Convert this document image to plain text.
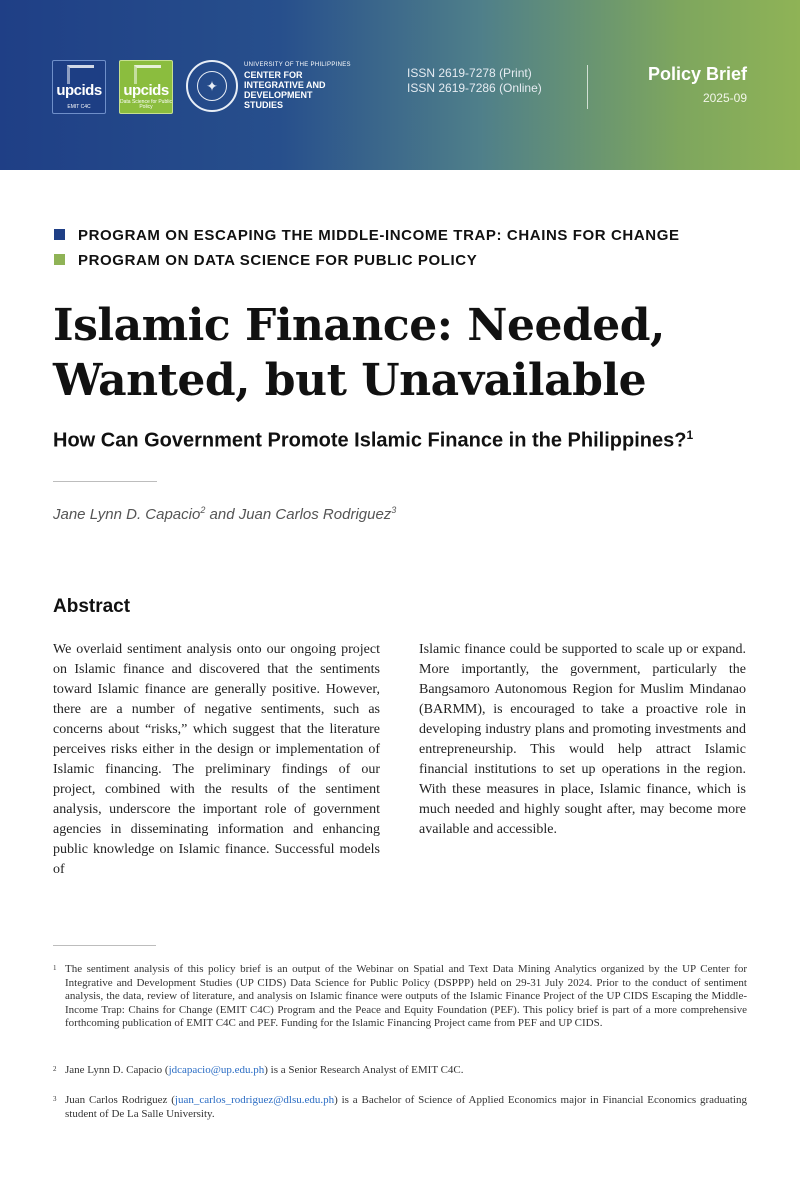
upcids
EMIT C4C
upcids
Data Science for Public Policy
✦
UNIVERSITY OF THE PHILIPPINES
CENTER FOR
INTEGRATIVE AND
DEVELOPMENT
STUDIES
ISSN 2619-7278 (Print)
ISSN 2619-7286 (Online)
Policy Brief
2025-09
PROGRAM ON ESCAPING THE MIDDLE-INCOME TRAP: CHAINS FOR CHANGE
PROGRAM ON DATA SCIENCE FOR PUBLIC POLICY
Islamic Finance: Needed,
Wanted, but Unavailable
How Can Government Promote Islamic Finance in the Philippines?$^1$
Jane Lynn D. Capacio$^2$ and Juan Carlos Rodriguez$^3$
Abstract

We overlaid sentiment analysis onto our ongoing project on Islamic finance and discovered that the sentiments toward Islamic finance are generally positive. However, there are a number of negative sentiments, such as concerns about “risks,” which suggest that the literature perceives risks either in the design or implementation of Islamic financing. The preliminary findings of our project, combined with the results of the sentiment analysis, underscore the important role of government agencies in disseminating information and enhancing public knowledge on Islamic finance. Successful models of

Islamic finance could be supported to scale up or expand. More importantly, the government, particularly the Bangsamoro Autonomous Region for Muslim Mindanao (BARMM), is encouraged to take a proactive role in developing industry plans and promoting investments and entrepreneurship. This would help attract Islamic financial institutions to set up operations in the region. With these measures in place, Islamic finance, which is much needed and highly sought after, may become more available and accessible.

1 The sentiment analysis of this policy brief is an output of the Webinar on Spatial and Text Data Mining Analytics organized by the UP Center for Integrative and Development Studies (UP CIDS) Data Science for Public Policy (DSPPP) held on 29-31 July 2024. Prior to the conduct of sentiment analysis, the data, review of literature, and analysis on Islamic finance were outputs of the Islamic Finance Project of the UP CIDS Escaping the Middle-Income Trap: Chains for Change (EMIT C4C) Program and the Peace and Equity Foundation (PEF). This policy brief is part of a more comprehensive forthcoming publication of EMIT C4C and PEF. Funding for the Islamic Financing Project came from PEF and UP CIDS.
2 Jane Lynn D. Capacio (jdcapacio@up.edu.ph) is a Senior Research Analyst of EMIT C4C.
3 Juan Carlos Rodriguez (juan_carlos_rodriguez@dlsu.edu.ph) is a Bachelor of Science of Applied Economics major in Financial Economics graduating student of De La Salle University.
